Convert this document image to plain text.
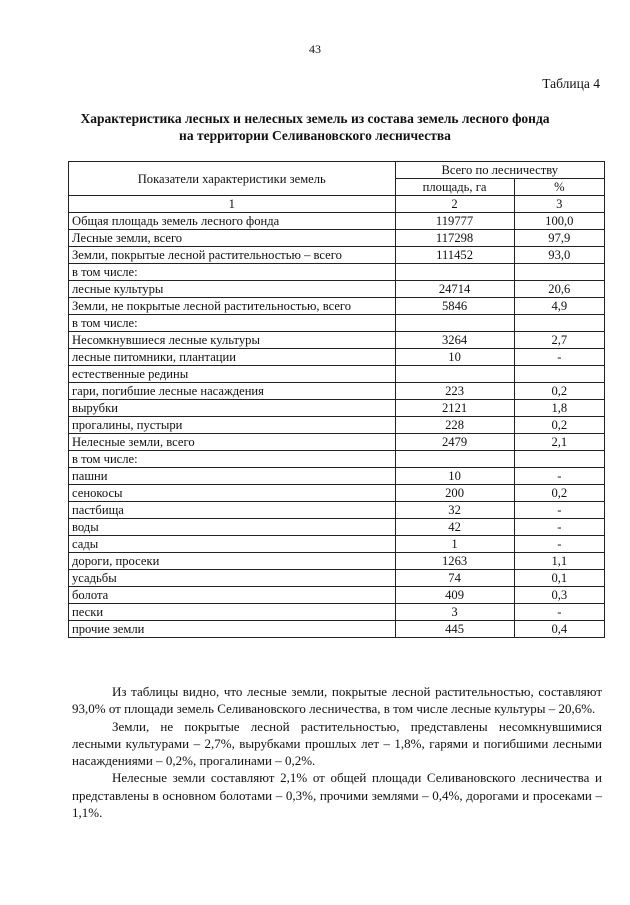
43
Таблица 4
Характеристика лесных и нелесных земель из состава земель лесного фонда
на территории Селивановского лесничества
Показатели характеристики земель	Всего по лесничеству	
	площадь, га	%
1	2	3
Общая площадь земель лесного фонда	119777	100,0
Лесные земли, всего	117298	97,9
Земли, покрытые лесной растительностью – всего	111452	93,0
в том числе:		
лесные культуры	24714	20,6
Земли, не покрытые лесной растительностью, всего	5846	4,9
в том числе:		
Несомкнувшиеся лесные культуры	3264	2,7
лесные питомники, плантации	10	-
естественные редины		
гари, погибшие лесные насаждения	223	0,2
вырубки	2121	1,8
прогалины, пустыри	228	0,2
Нелесные земли, всего	2479	2,1
в том числе:		
пашни	10	-
сенокосы	200	0,2
пастбища	32	-
воды	42	-
сады	1	-
дороги, просеки	1263	1,1
усадьбы	74	0,1
болота	409	0,3
пески	3	-
прочие земли	445	0,4

Из таблицы видно, что лесные земли, покрытые лесной растительностью, составляют 93,0% от площади земель Селивановского лесничества, в том числе лесные культуры – 20,6%.

Земли, не покрытые лесной растительностью, представлены несомкнувшимися лесными культурами – 2,7%, вырубками прошлых лет – 1,8%, гарями и погибшими лесными насаждениями – 0,2%, прогалинами – 0,2%.

Нелесные земли составляют 2,1% от общей площади Селивановского лесничества и представлены в основном болотами – 0,3%, прочими землями – 0,4%, дорогами и просеками – 1,1%.
